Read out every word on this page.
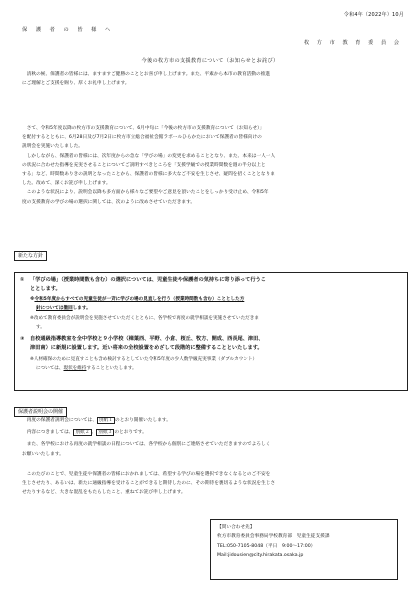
令和4年（2022年）10月
保 護 者 の 皆 様 へ
枚 方 市 教 育 委 員 会
今後の枚方市の支援教育について（お知らせとお詫び）
清秋の候、保護者の皆様には、ますますご健勝のこととお喜び申し上げます。また、平素から本市の教育活動の推進
にご理解とご支援を賜り、厚くお礼申し上げます。
さて、令和5年度以降の枚方市の支援教育について、6月中旬に「今後の枚方市の支援教育について（お知らせ）」
を配付するとともに、6月28日及び7月2日に枚方市立総合福祉会館ラポールひらかたにおいて保護者の皆様向けの
説明会を実施いたしました。
しかしながら、保護者の皆様には、次年度からの急な「学びの場」の変更を求めることとなり、また、本来は一人一人
の状況に合わせた指導を充実させることについてご説明すべきところを「支援学級での授業時間数を週の半分以上と
する」など、時間数ありきの説明となったことから、保護者の皆様に多大なご不安を生じさせ、疑問を招くこととなりま
した。改めて、深くお詫び申し上げます。
このような状況により、説明会以降も多方面から様々なご要望やご意見を頂いたことをしっかり受け止め、令和5年
度の支援教育の学びの場の選択に関しては、次のように改めさせていただきます。
新たな方針
① 「学びの場」（授業時間数も含む）の選択については、児童生徒や保護者の気持ちに寄り添って行うこ
ととします。
※令和5年度からすべての児童生徒が一斉に学びの場の見直しを行う（授業時間数も含む）こととした方
針については撤回します。
※改めて教育委員会が説明会を実施させていただくとともに、各学校で再度の就学相談を実施させていただきま
す。
② 自校通級指導教室を全中学校と９小学校（樟葉西、平野、小倉、桜丘、牧方、開成、西長尾、津田、
津田南）に新規に設置します。近い将来の全校設置をめざして段階的に整備することといたします。
※人材確保のために見直すことも含め検討するとしていた令和5年度の少人数学級充実事業（ダブルカウント）
については、現状を維持することといたします。
保護者説明会の開催
再度の保護者説明会については、 別紙１ のとおり開催いたします。
内容につきましては、 別紙２ 、 別紙３ のとおりです。
また、各学校における再度の就学相談の日程については、各学校から個別にご連絡させていただきますのでよろしく
お願いいたします。
このたびのことで、児童生徒や保護者の皆様におかれましては、希望する学びの場を選択できなくなるとのご不安を
生じさせたり、あるいは、新たに通級指導を受けることができると期待したのに、その期待を裏切るような状況を生じさ
せたりするなど、大きな混乱をもたらしたこと、重ねてお詫び申し上げます。
【問い合わせ先】
枚方市教育委員会事務局学校教育部　児童生徒支援課
TEL:050-7105-8048（平日　9:00～17:00）
Mail:jidousien@city.hirakata.osaka.jp
